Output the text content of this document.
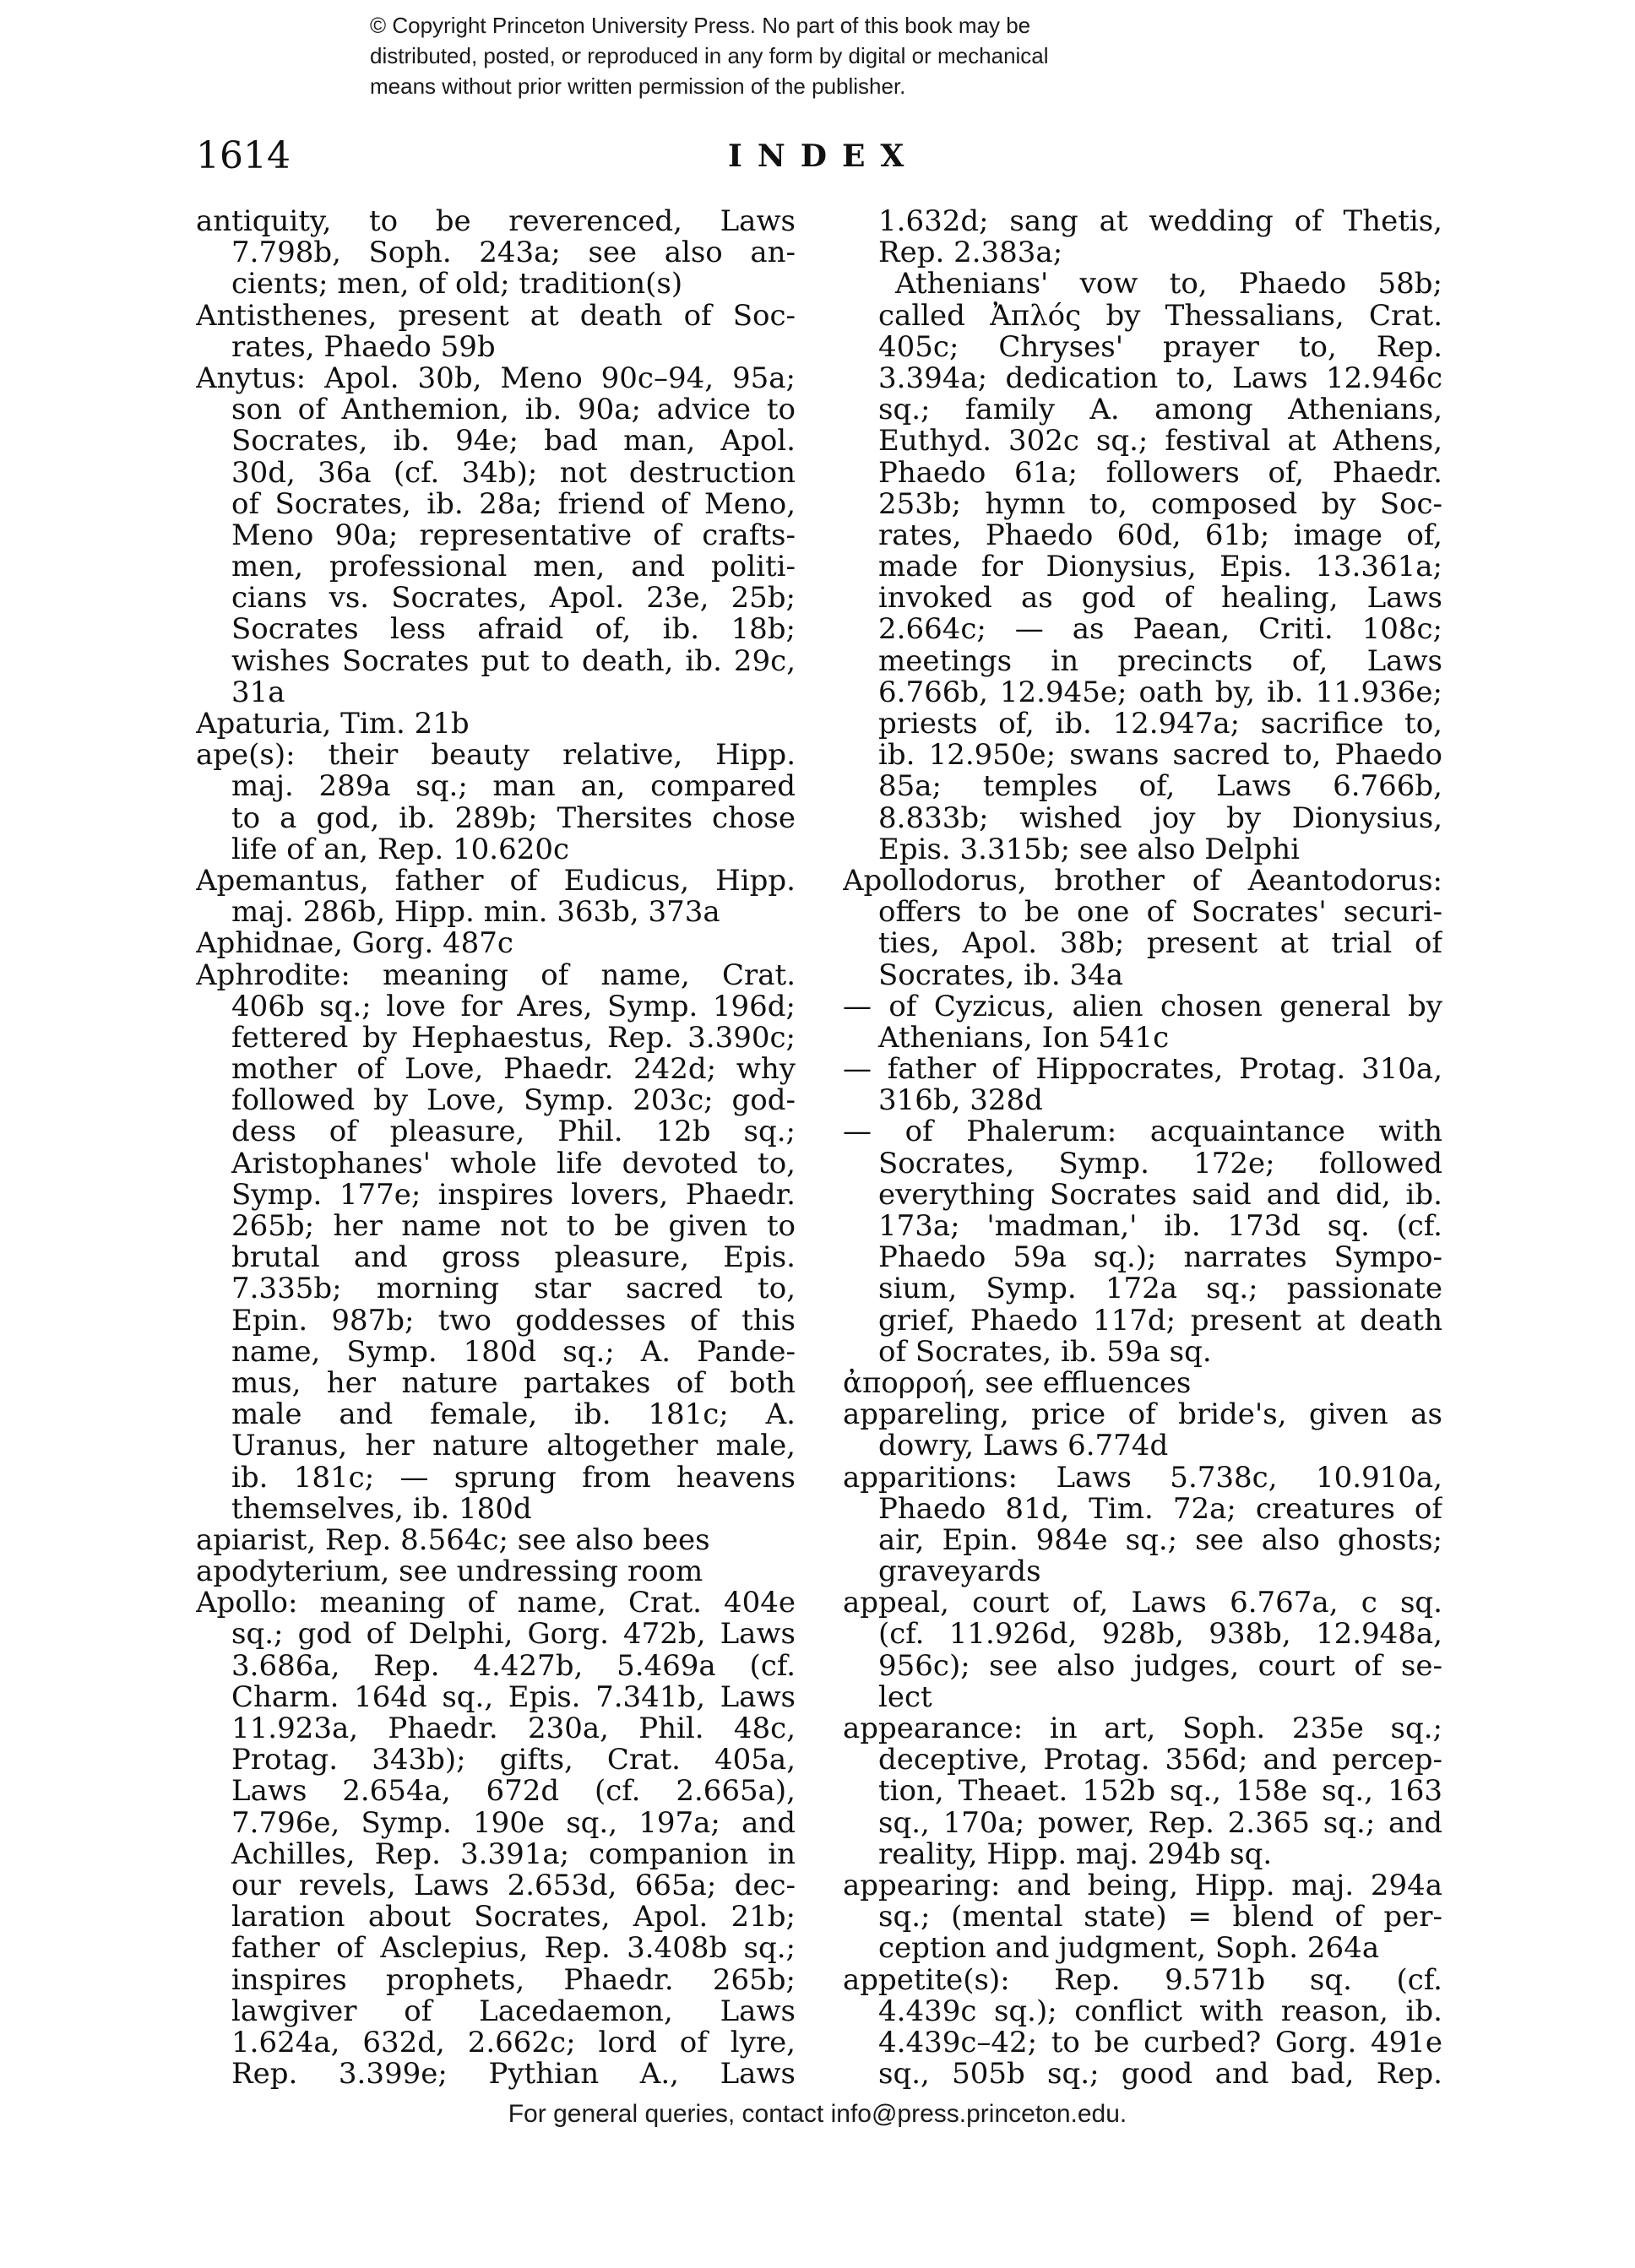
© Copyright Princeton University Press. No part of this book may be
distributed, posted, or reproduced in any form by digital or mechanical
means without prior written permission of the publisher.
1614	INDEX
antiquity, to be reverenced, Laws
7.798b, Soph. 243a; see also an-
cients; men, of old; tradition(s)
Antisthenes, present at death of Soc-
rates, Phaedo 59b
Anytus: Apol. 30b, Meno 90c–94, 95a;
son of Anthemion, ib. 90a; advice to
Socrates, ib. 94e; bad man, Apol.
30d, 36a (cf. 34b); not destruction
of Socrates, ib. 28a; friend of Meno,
Meno 90a; representative of crafts-
men, professional men, and politi-
cians vs. Socrates, Apol. 23e, 25b;
Socrates less afraid of, ib. 18b;
wishes Socrates put to death, ib. 29c,
31a
Apaturia, Tim. 21b
ape(s): their beauty relative, Hipp.
maj. 289a sq.; man an, compared
to a god, ib. 289b; Thersites chose
life of an, Rep. 10.620c
Apemantus, father of Eudicus, Hipp.
maj. 286b, Hipp. min. 363b, 373a
Aphidnae, Gorg. 487c
Aphrodite: meaning of name, Crat.
406b sq.; love for Ares, Symp. 196d;
fettered by Hephaestus, Rep. 3.390c;
mother of Love, Phaedr. 242d; why
followed by Love, Symp. 203c; god-
dess of pleasure, Phil. 12b sq.;
Aristophanes' whole life devoted to,
Symp. 177e; inspires lovers, Phaedr.
265b; her name not to be given to
brutal and gross pleasure, Epis.
7.335b; morning star sacred to,
Epin. 987b; two goddesses of this
name, Symp. 180d sq.; A. Pande-
mus, her nature partakes of both
male and female, ib. 181c; A.
Uranus, her nature altogether male,
ib. 181c; — sprung from heavens
themselves, ib. 180d
apiarist, Rep. 8.564c; see also bees
apodyterium, see undressing room
Apollo: meaning of name, Crat. 404e
sq.; god of Delphi, Gorg. 472b, Laws
3.686a, Rep. 4.427b, 5.469a (cf.
Charm. 164d sq., Epis. 7.341b, Laws
11.923a, Phaedr. 230a, Phil. 48c,
Protag. 343b); gifts, Crat. 405a,
Laws 2.654a, 672d (cf. 2.665a),
7.796e, Symp. 190e sq., 197a; and
Achilles, Rep. 3.391a; companion in
our revels, Laws 2.653d, 665a; dec-
laration about Socrates, Apol. 21b;
father of Asclepius, Rep. 3.408b sq.;
inspires prophets, Phaedr. 265b;
lawgiver of Lacedaemon, Laws
1.624a, 632d, 2.662c; lord of lyre,
Rep. 3.399e; Pythian A., Laws
1.632d; sang at wedding of Thetis,
Rep. 2.383a;
Athenians' vow to, Phaedo 58b;
called Ἀπλός by Thessalians, Crat.
405c; Chryses' prayer to, Rep.
3.394a; dedication to, Laws 12.946c
sq.; family A. among Athenians,
Euthyd. 302c sq.; festival at Athens,
Phaedo 61a; followers of, Phaedr.
253b; hymn to, composed by Soc-
rates, Phaedo 60d, 61b; image of,
made for Dionysius, Epis. 13.361a;
invoked as god of healing, Laws
2.664c; — as Paean, Criti. 108c;
meetings in precincts of, Laws
6.766b, 12.945e; oath by, ib. 11.936e;
priests of, ib. 12.947a; sacrifice to,
ib. 12.950e; swans sacred to, Phaedo
85a; temples of, Laws 6.766b,
8.833b; wished joy by Dionysius,
Epis. 3.315b; see also Delphi
Apollodorus, brother of Aeantodorus:
offers to be one of Socrates' securi-
ties, Apol. 38b; present at trial of
Socrates, ib. 34a
— of Cyzicus, alien chosen general by
Athenians, Ion 541c
— father of Hippocrates, Protag. 310a,
316b, 328d
— of Phalerum: acquaintance with
Socrates, Symp. 172e; followed
everything Socrates said and did, ib.
173a; 'madman,' ib. 173d sq. (cf.
Phaedo 59a sq.); narrates Sympo-
sium, Symp. 172a sq.; passionate
grief, Phaedo 117d; present at death
of Socrates, ib. 59a sq.
ἀπορροή, see effluences
appareling, price of bride's, given as
dowry, Laws 6.774d
apparitions: Laws 5.738c, 10.910a,
Phaedo 81d, Tim. 72a; creatures of
air, Epin. 984e sq.; see also ghosts;
graveyards
appeal, court of, Laws 6.767a, c sq.
(cf. 11.926d, 928b, 938b, 12.948a,
956c); see also judges, court of se-
lect
appearance: in art, Soph. 235e sq.;
deceptive, Protag. 356d; and percep-
tion, Theaet. 152b sq., 158e sq., 163
sq., 170a; power, Rep. 2.365 sq.; and
reality, Hipp. maj. 294b sq.
appearing: and being, Hipp. maj. 294a
sq.; (mental state) = blend of per-
ception and judgment, Soph. 264a
appetite(s): Rep. 9.571b sq. (cf.
4.439c sq.); conflict with reason, ib.
4.439c–42; to be curbed? Gorg. 491e
sq., 505b sq.; good and bad, Rep.
For general queries, contact info@press.princeton.edu.
